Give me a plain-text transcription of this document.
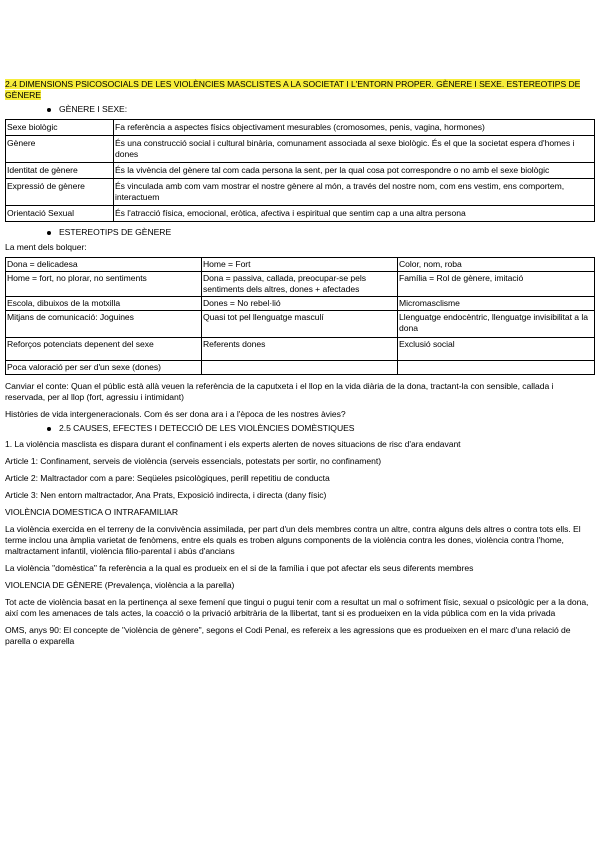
2.4 DIMENSIONS PSICOSOCIALS DE LES VIOLÈNCIES MASCLISTES A LA SOCIETAT I L'ENTORN PROPER. GÈNERE I SEXE. ESTEREOTIPS DE GÈNERE

GÈNERE I SEXE:
Sexe biològic	Fa referència a aspectes físics objectivament mesurables (cromosomes, penis, vagina, hormones)
Gènere	És una construcció social i cultural binària, comunament associada al sexe biològic. És el que la societat espera d'homes i dones
Identitat de gènere	És la vivència del gènere tal com cada persona la sent, per la qual cosa pot correspondre o no amb el sexe biològic
Expressió de gènere	És vinculada amb com vam mostrar el nostre gènere al món, a través del nostre nom, com ens vestim, ens comportem, interactuem
Orientació Sexual	És l'atracció física, emocional, eròtica, afectiva i espiritual que sentim cap a una altra persona
ESTEREOTIPS DE GÈNERE

La ment dels bolquer:

Dona = delicadesa	Home = Fort	Color, nom, roba
Home = fort, no plorar, no sentiments	Dona = passiva, callada, preocupar-se pels sentiments dels altres, dones + afectades	Família = Rol de gènere, imitació
Escola, dibuixos de la motxilla	Dones = No rebel·lió	Micromasclisme
Mitjans de comunicació: Joguines	Quasi tot pel llenguatge masculí	Llenguatge endocèntric, llenguatge invisibilitat a la dona
Reforços potenciats depenent del sexe	Referents dones	Exclusió social
Poca valoració per ser d'un sexe (dones)		

Canviar el conte: Quan el públic està allà veuen la referència de la caputxeta i el llop en la vida diària de la dona, tractant-la con sensible, callada i reservada, per al llop (fort, agressiu i intimidant)

Històries de vida intergeneracionals. Com és ser dona ara i a l'època de les nostres àvies?

2.5 CAUSES, EFECTES I DETECCIÓ DE LES VIOLÈNCIES DOMÈSTIQUES

1. La violència masclista es dispara durant el confinament i els experts alerten de noves situacions de risc d'ara endavant

Article 1: Confinament, serveis de violència (serveis essencials, potestats per sortir, no confinament)

Article 2: Maltractador com a pare: Seqüeles psicològiques, perill repetitiu de conducta

Article 3: Nen entorn maltractador, Ana Prats, Exposició indirecta, i directa (dany físic)

VIOLÈNCIA DOMESTICA O INTRAFAMILIAR

La violència exercida en el terreny de la convivència assimilada, per part d'un dels membres contra un altre, contra alguns dels altres o contra tots ells. El terme inclou una àmplia varietat de fenòmens, entre els quals es troben alguns components de la violència contra les dones, violència contra l'home, maltractament infantil, violència filio-parental i abús d'ancians

La violència "domèstica" fa referència a la qual es produeix en el si de la família i que pot afectar els seus diferents membres

VIOLENCIA DE GÈNERE (Prevalença, violència a la parella)

Tot acte de violència basat en la pertinença al sexe femení que tingui o pugui tenir com a resultat un mal o sofriment físic, sexual o psicològic per a la dona, així com les amenaces de tals actes, la coacció o la privació arbitrària de la llibertat, tant si es produeixen en la vida pública com en la vida privada

OMS, anys 90: El concepte de "violència de gènere", segons el Codi Penal, es refereix a les agressions que es produeixen en el marc d'una relació de parella o exparella
